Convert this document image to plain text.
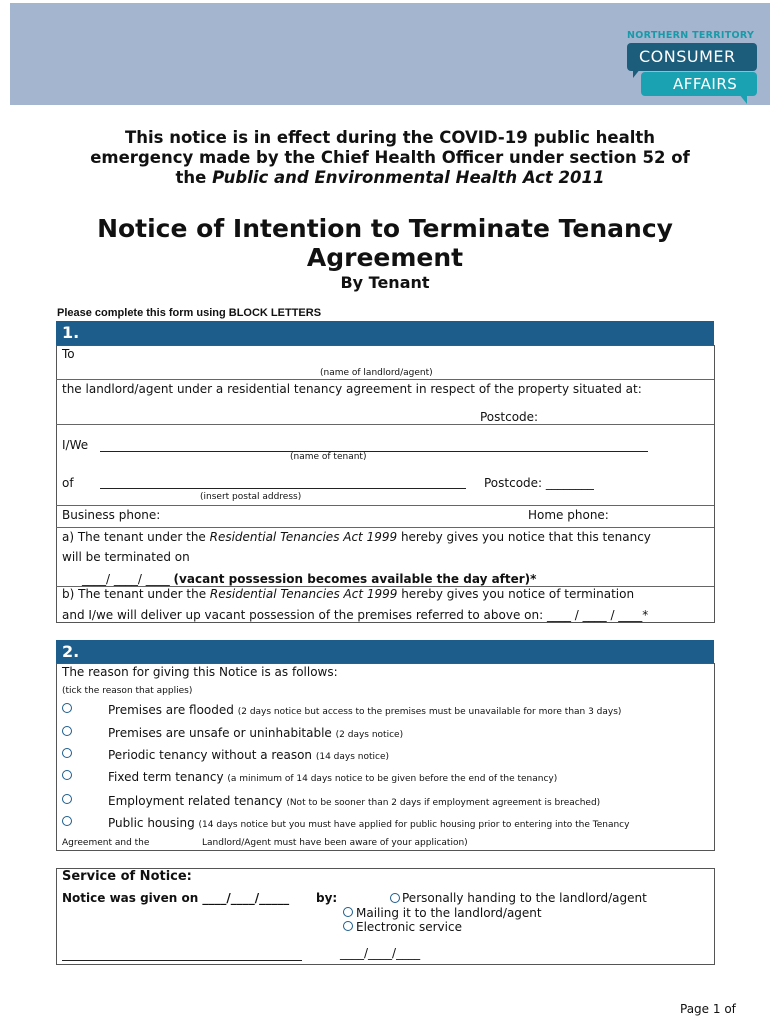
NORTHERN TERRITORY
CONSUMER
AFFAIRS
This notice is in effect during the COVID-19 public health
emergency made by the Chief Health Officer under section 52 of
the Public and Environmental Health Act 2011
Notice of Intention to Terminate Tenancy
Agreement
By Tenant
Please complete this form using BLOCK LETTERS
1.
To
(name of landlord/agent)
the landlord/agent under a residential tenancy agreement in respect of the property situated at:
Postcode:
I/We
(name of tenant)
of	Postcode: ________
(insert postal address)
Business phone:	Home phone:
a) The tenant under the Residential Tenancies Act 1999 hereby gives you notice that this tenancy
will be terminated on
____/ ____/ ____ (vacant possession becomes available the day after)*
b) The tenant under the Residential Tenancies Act 1999 hereby gives you notice of termination
and I/we will deliver up vacant possession of the premises referred to above on: ____ / ____ / ____*
2.
The reason for giving this Notice is as follows:
(tick the reason that applies)
Premises are flooded (2 days notice but access to the premises must be unavailable for more than 3 days)
Premises are unsafe or uninhabitable (2 days notice)
Periodic tenancy without a reason (14 days notice)
Fixed term tenancy (a minimum of 14 days notice to be given before the end of the tenancy)
Employment related tenancy (Not to be sooner than 2 days if employment agreement is breached)
Public housing (14 days notice but you must have applied for public housing prior to entering into the Tenancy
Agreement and the	Landlord/Agent must have been aware of your application)
Service of Notice:
Notice was given on ____/____/_____ by:	Personally handing to the landlord/agent
Mailing it to the landlord/agent
Electronic service
____/____/____
Page 1 of
